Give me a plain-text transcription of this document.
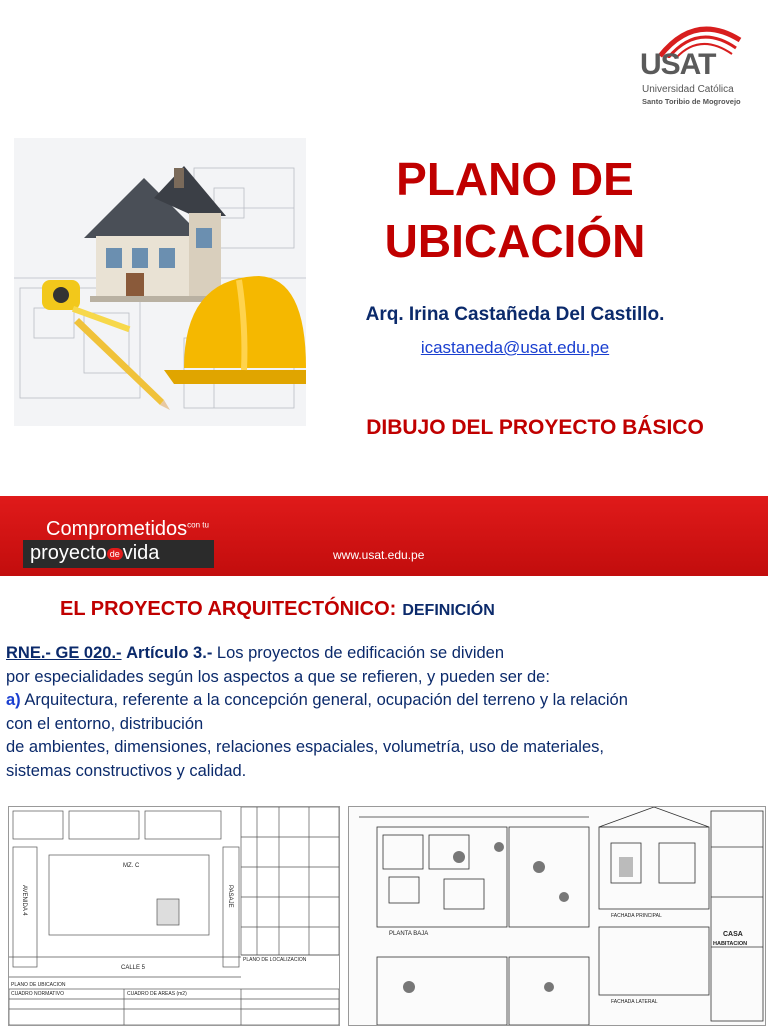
USAT
Universidad Católica
Santo Toribio de Mogrovejo
PLANO DE
UBICACIÓN
Arq. Irina Castañeda Del Castillo.
icastaneda@usat.edu.pe
DIBUJO DEL PROYECTO BÁSICO
Comprometidos$^{con tu}$
proyecto de vida	www.usat.edu.pe
EL PROYECTO ARQUITECTÓNICO: DEFINICIÓN
RNE.- GE 020.- Artículo 3.- Los proyectos de edificación se dividen
por especialidades según los aspectos a que se refieren, y pueden ser de:
a) Arquitectura, referente a la concepción general, ocupación del terreno y la relación
con el entorno, distribución
de ambientes, dimensiones, relaciones espaciales, volumetría, uso de materiales,
sistemas constructivos y calidad.
AVENIDA 4	PASAJE
MZ. C
CALLE 5
PLANO DE UBICACION
CUADRO NORMATIVO	CUADRO DE AREAS (m2)
PLANO DE LOCALIZACION
PLANTA BAJA
FACHADA PRINCIPAL
FACHADA LATERAL
CASA
HABITACION
